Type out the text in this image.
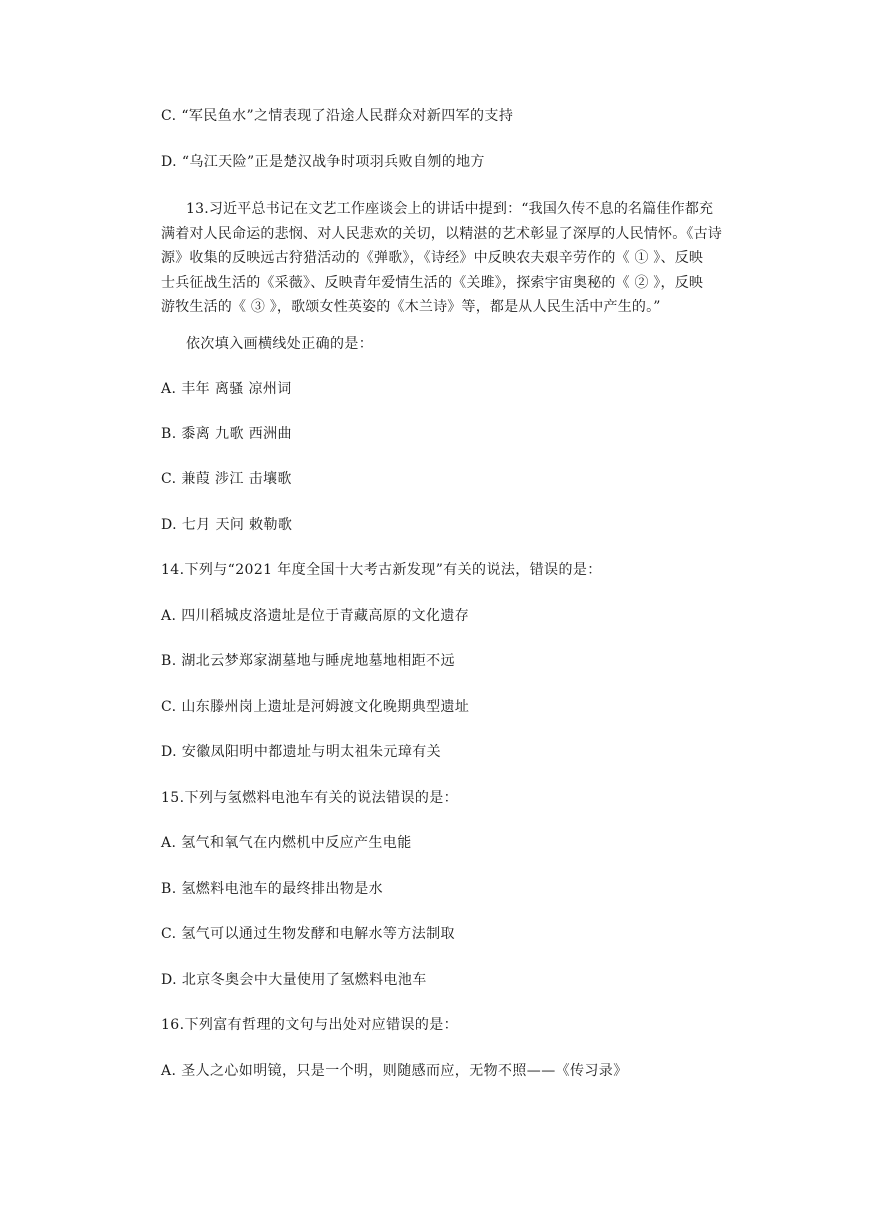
C. “军民鱼水”之情表现了沿途人民群众对新四军的支持
D. “乌江天险”正是楚汉战争时项羽兵败自刎的地方
13.习近平总书记在文艺工作座谈会上的讲话中提到：“我国久传不息的名篇佳作都充
满着对人民命运的悲悯、对人民悲欢的关切，以精湛的艺术彰显了深厚的人民情怀。《古诗
源》收集的反映远古狩猎活动的《弹歌》，《诗经》中反映农夫艰辛劳作的《 ① 》、反映
士兵征战生活的《采薇》、反映青年爱情生活的《关雎》，探索宇宙奥秘的《 ② 》，反映
游牧生活的《 ③ 》，歌颂女性英姿的《木兰诗》等，都是从人民生活中产生的。”
依次填入画横线处正确的是：
A. 丰年 离骚 凉州词
B. 黍离 九歌 西洲曲
C. 兼葭 涉江 击壤歌
D. 七月 天问 敕勒歌
14.下列与“2021 年度全国十大考古新发现”有关的说法，错误的是：
A. 四川稻城皮洛遗址是位于青藏高原的文化遗存
B. 湖北云梦郑家湖墓地与睡虎地墓地相距不远
C. 山东滕州岗上遗址是河姆渡文化晚期典型遗址
D. 安徽凤阳明中都遗址与明太祖朱元璋有关
15.下列与氢燃料电池车有关的说法错误的是：
A. 氢气和氧气在内燃机中反应产生电能
B. 氢燃料电池车的最终排出物是水
C. 氢气可以通过生物发酵和电解水等方法制取
D. 北京冬奥会中大量使用了氢燃料电池车
16.下列富有哲理的文句与出处对应错误的是：
A. 圣人之心如明镜，只是一个明，则随感而应，无物不照——《传习录》
